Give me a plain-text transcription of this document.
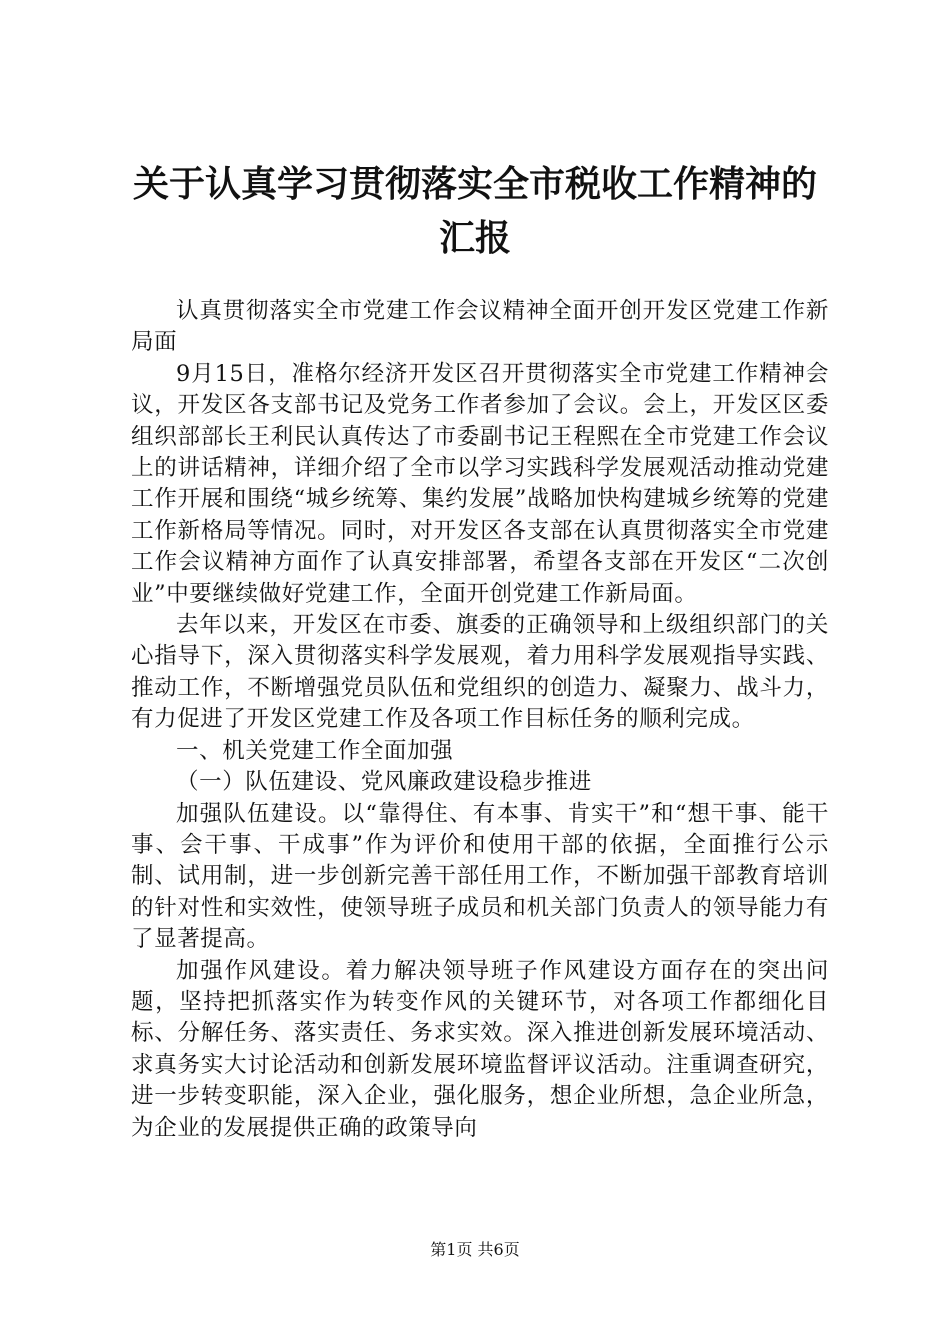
关于认真学习贯彻落实全市税收工作精神的汇报

认真贯彻落实全市党建工作会议精神全面开创开发区党建工作新局面

9月15日，准格尔经济开发区召开贯彻落实全市党建工作精神会议，开发区各支部书记及党务工作者参加了会议。会上，开发区区委组织部部长王利民认真传达了市委副书记王程熙在全市党建工作会议上的讲话精神，详细介绍了全市以学习实践科学发展观活动推动党建工作开展和围绕“城乡统筹、集约发展”战略加快构建城乡统筹的党建工作新格局等情况。同时，对开发区各支部在认真贯彻落实全市党建工作会议精神方面作了认真安排部署，希望各支部在开发区“二次创业”中要继续做好党建工作，全面开创党建工作新局面。

去年以来，开发区在市委、旗委的正确领导和上级组织部门的关心指导下，深入贯彻落实科学发展观，着力用科学发展观指导实践、推动工作，不断增强党员队伍和党组织的创造力、凝聚力、战斗力，有力促进了开发区党建工作及各项工作目标任务的顺利完成。

一、机关党建工作全面加强

（一）队伍建设、党风廉政建设稳步推进

加强队伍建设。以“靠得住、有本事、肯实干”和“想干事、能干事、会干事、干成事”作为评价和使用干部的依据，全面推行公示制、试用制，进一步创新完善干部任用工作，不断加强干部教育培训的针对性和实效性，使领导班子成员和机关部门负责人的领导能力有了显著提高。

加强作风建设。着力解决领导班子作风建设方面存在的突出问题，坚持把抓落实作为转变作风的关键环节，对各项工作都细化目标、分解任务、落实责任、务求实效。深入推进创新发展环境活动、求真务实大讨论活动和创新发展环境监督评议活动。注重调查研究，进一步转变职能，深入企业，强化服务，想企业所想，急企业所急，为企业的发展提供正确的政策导向

第1页 共6页
